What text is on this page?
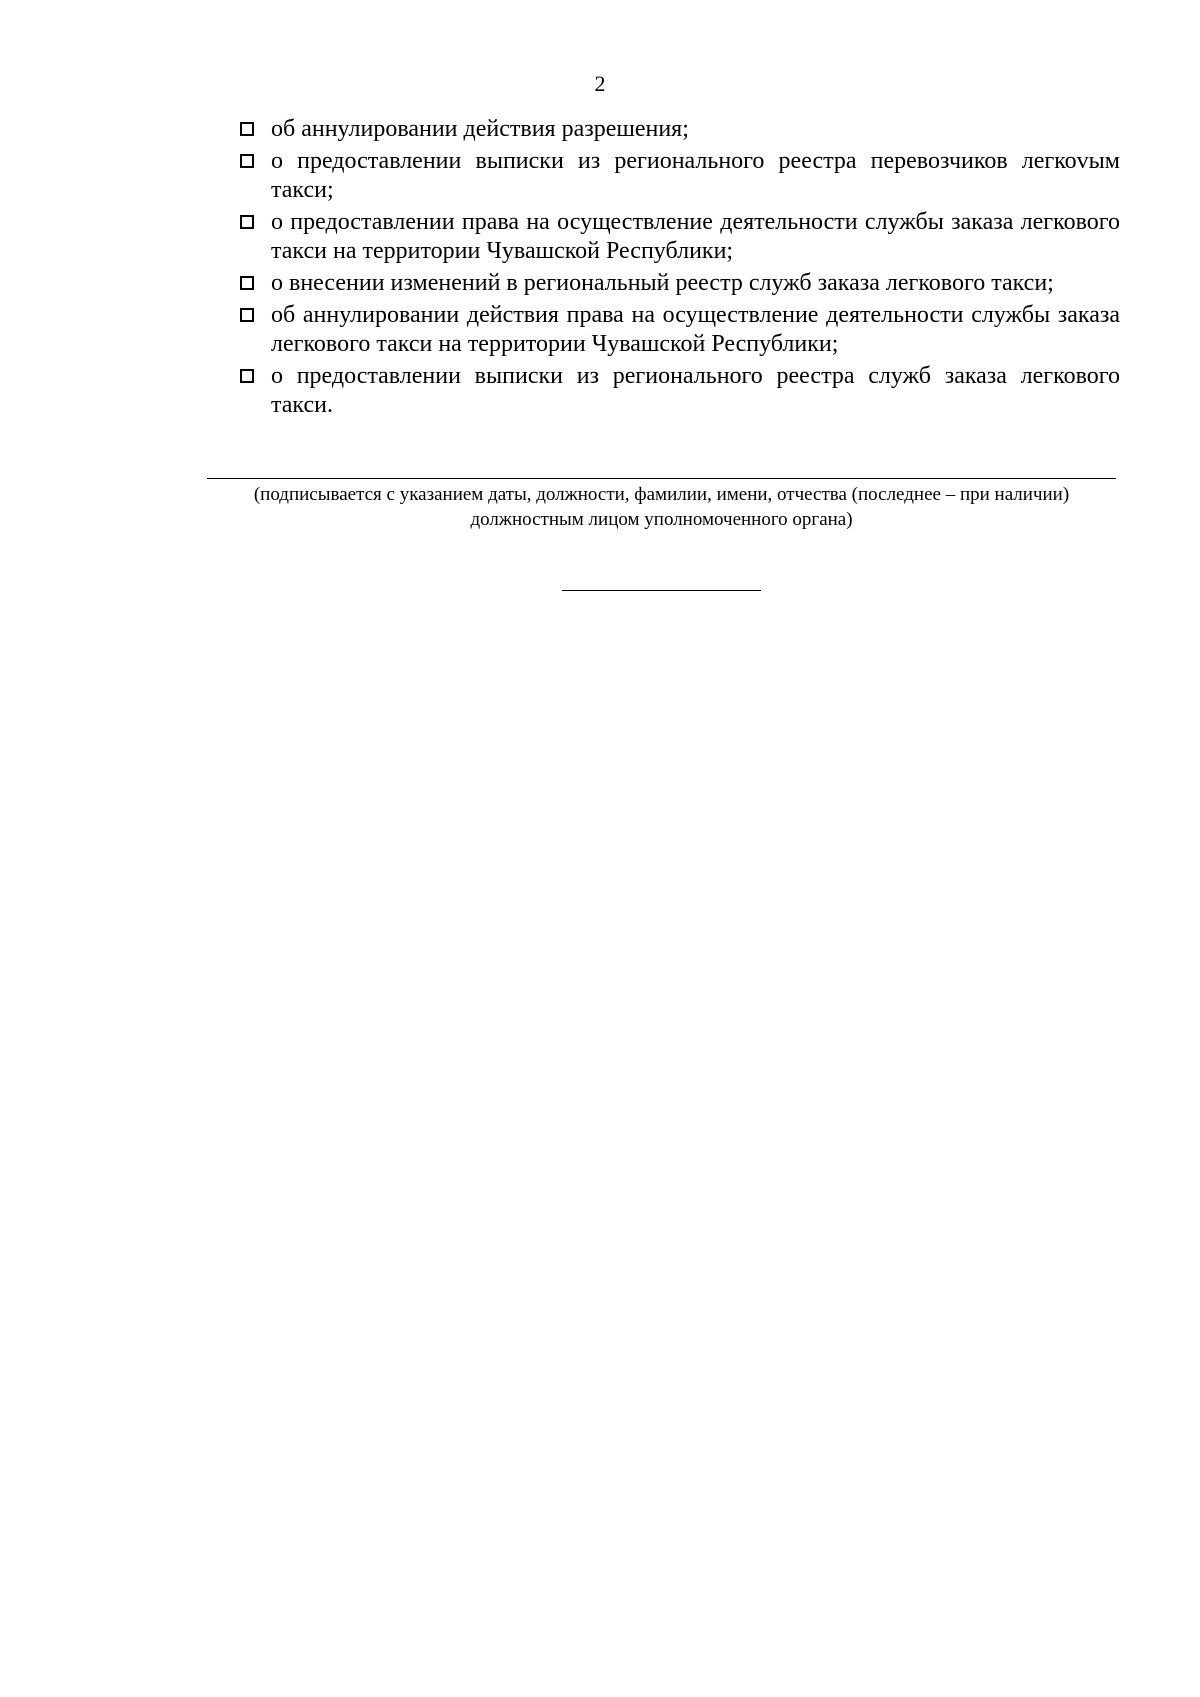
2
об аннулировании действия разрешения;
о предоставлении выписки из регионального реестра перевозчиков легкоvым такси;
о предоставлении права на осуществление деятельности службы заказа легкового такси на территории Чувашской Республики;
о внесении изменений в региональный реестр служб заказа легкового такси;
об аннулировании действия права на осуществление деятельности службы заказа легкового такси на территории Чувашской Республики;
о предоставлении выписки из регионального реестра служб заказа легкового такси.
(подписывается с указанием даты, должности, фамилии, имени, отчества (последнее – при наличии) должностным лицом уполномоченного органа)
